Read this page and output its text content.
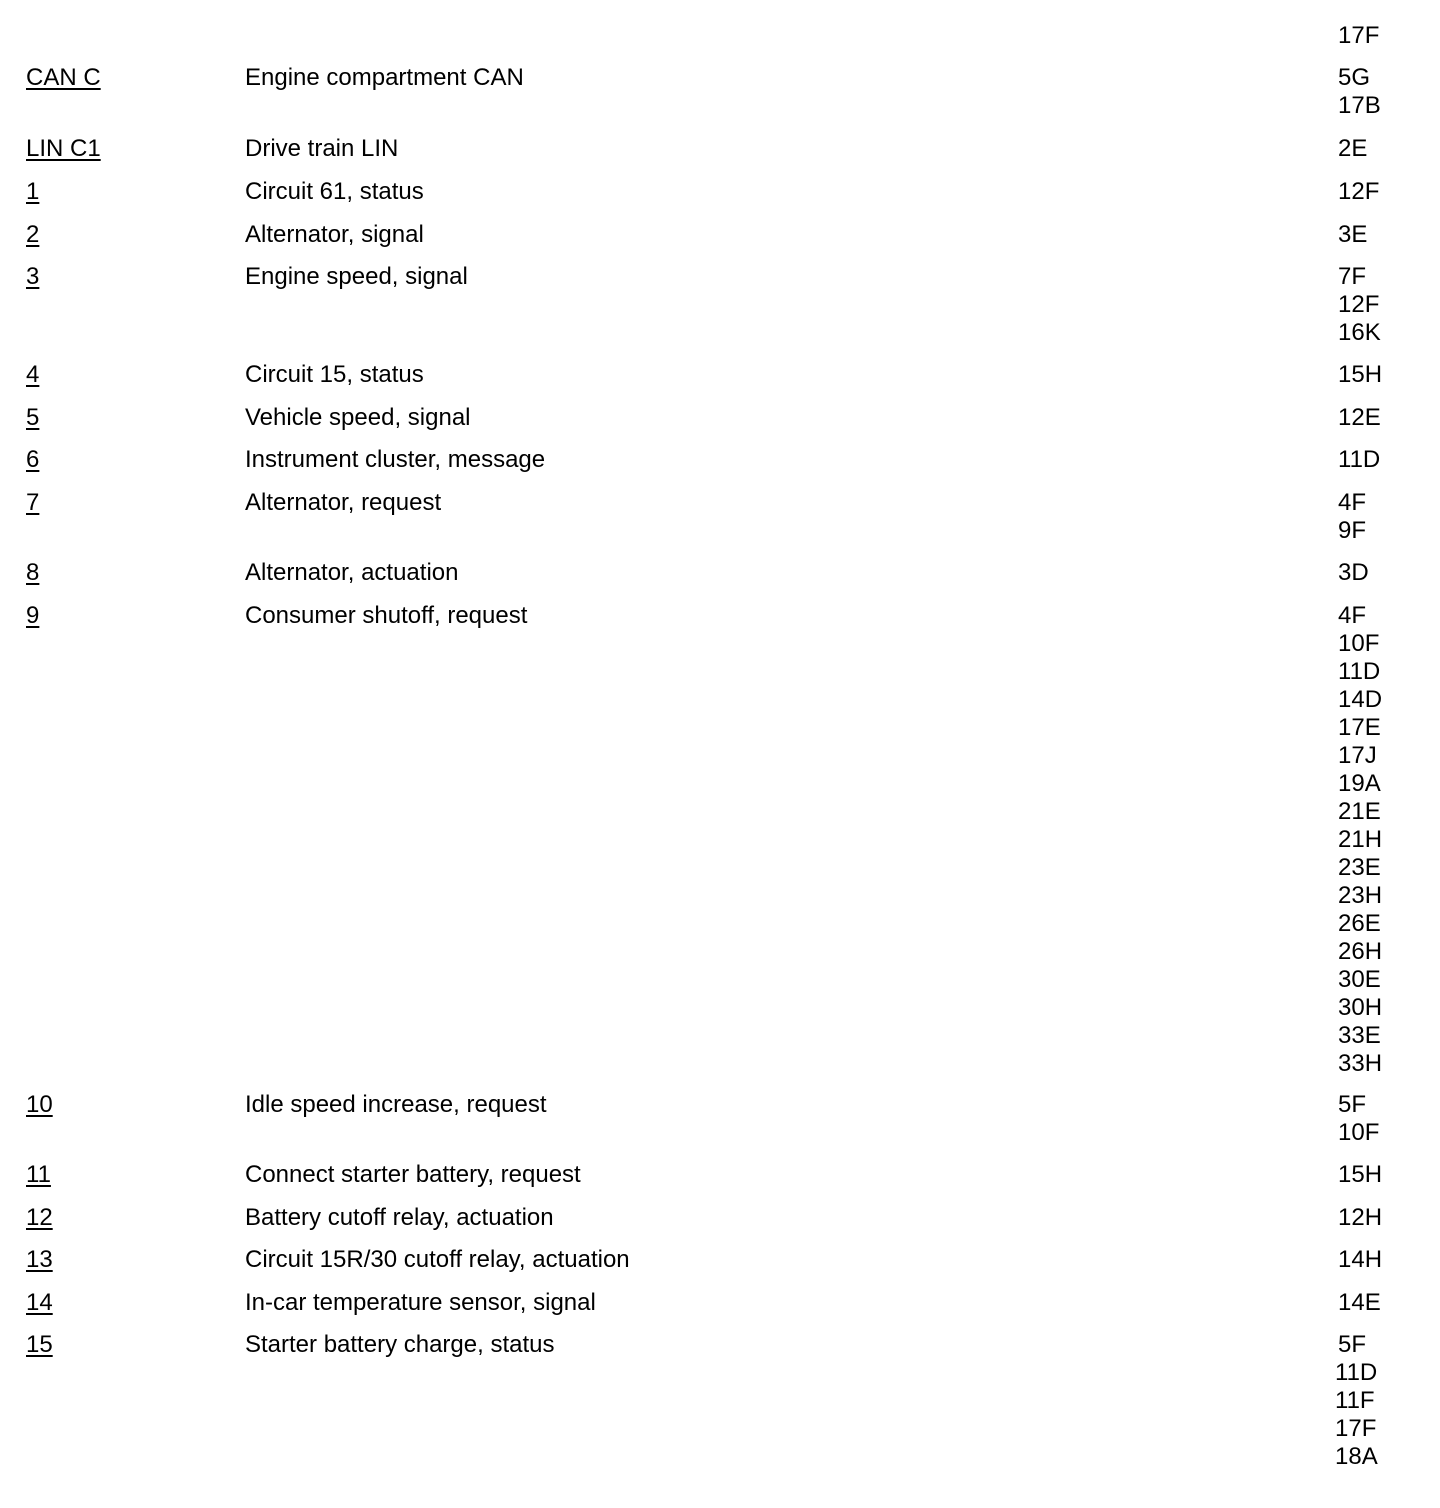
17F
CAN C	Engine compartment CAN	5G
17B
LIN C1	Drive train LIN	2E
1	Circuit 61, status	12F
2	Alternator, signal	3E
3	Engine speed, signal	7F
12F
16K
4	Circuit 15, status	15H
5	Vehicle speed, signal	12E
6	Instrument cluster, message	11D
7	Alternator, request	4F
9F
8	Alternator, actuation	3D
9	Consumer shutoff, request	4F
10F
11D
14D
17E
17J
19A
21E
21H
23E
23H
26E
26H
30E
30H
33E
33H
10	Idle speed increase, request	5F
10F
11	Connect starter battery, request	15H
12	Battery cutoff relay, actuation	12H
13	Circuit 15R/30 cutoff relay, actuation	14H
14	In-car temperature sensor, signal	14E
15	Starter battery charge, status	5F
11D
11F
17F
18A
